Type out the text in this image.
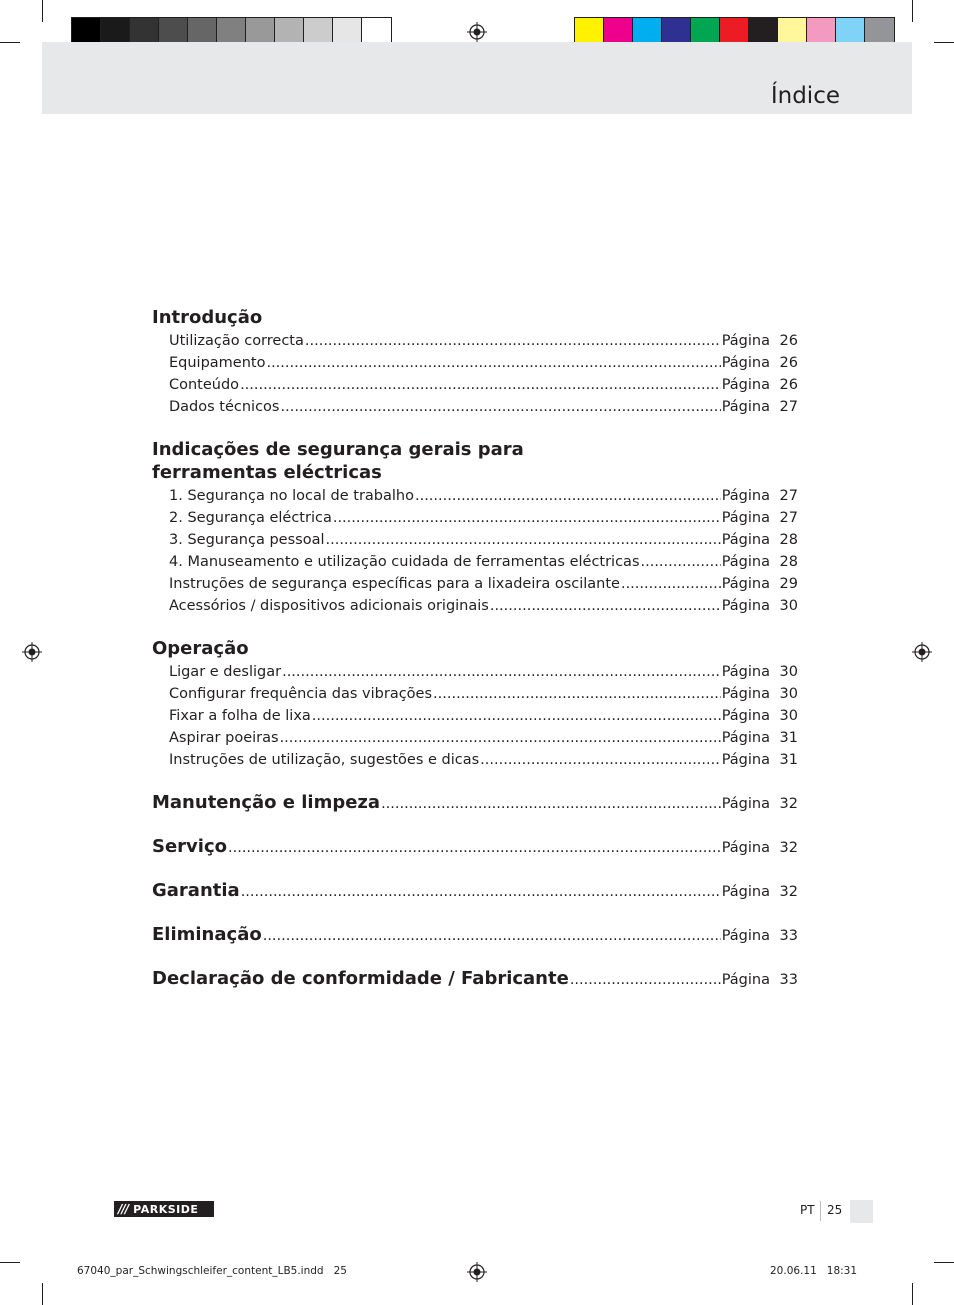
Índice
Introdução
Utilização correcta .....	Página 26
Equipamento .....	Página 26
Conteúdo .....	Página 26
Dados técnicos .....	Página 27
Indicações de segurança gerais para
ferramentas eléctricas
1. Segurança no local de trabalho .....	Página 27
2. Segurança eléctrica .....	Página 27
3. Segurança pessoal .....	Página 28
4. Manuseamento e utilização cuidada de ferramentas eléctricas .....	Página 28
Instruções de segurança específicas para a lixadeira oscilante .....	Página 29
Acessórios / dispositivos adicionais originais .....	Página 30
Operação
Ligar e desligar .....	Página 30
Configurar frequência das vibrações .....	Página 30
Fixar a folha de lixa .....	Página 30
Aspirar poeiras .....	Página 31
Instruções de utilização, sugestões e dicas .....	Página 31
Manutenção e limpeza .....	Página 32
Serviço .....	Página 32
Garantia .....	Página 32
Eliminação .....	Página 33
Declaração de conformidade / Fabricante .....	Página 33
/// PARKSIDE	PT 25
67040_par_Schwingschleifer_content_LB5.indd   25	20.06.11   18:31
